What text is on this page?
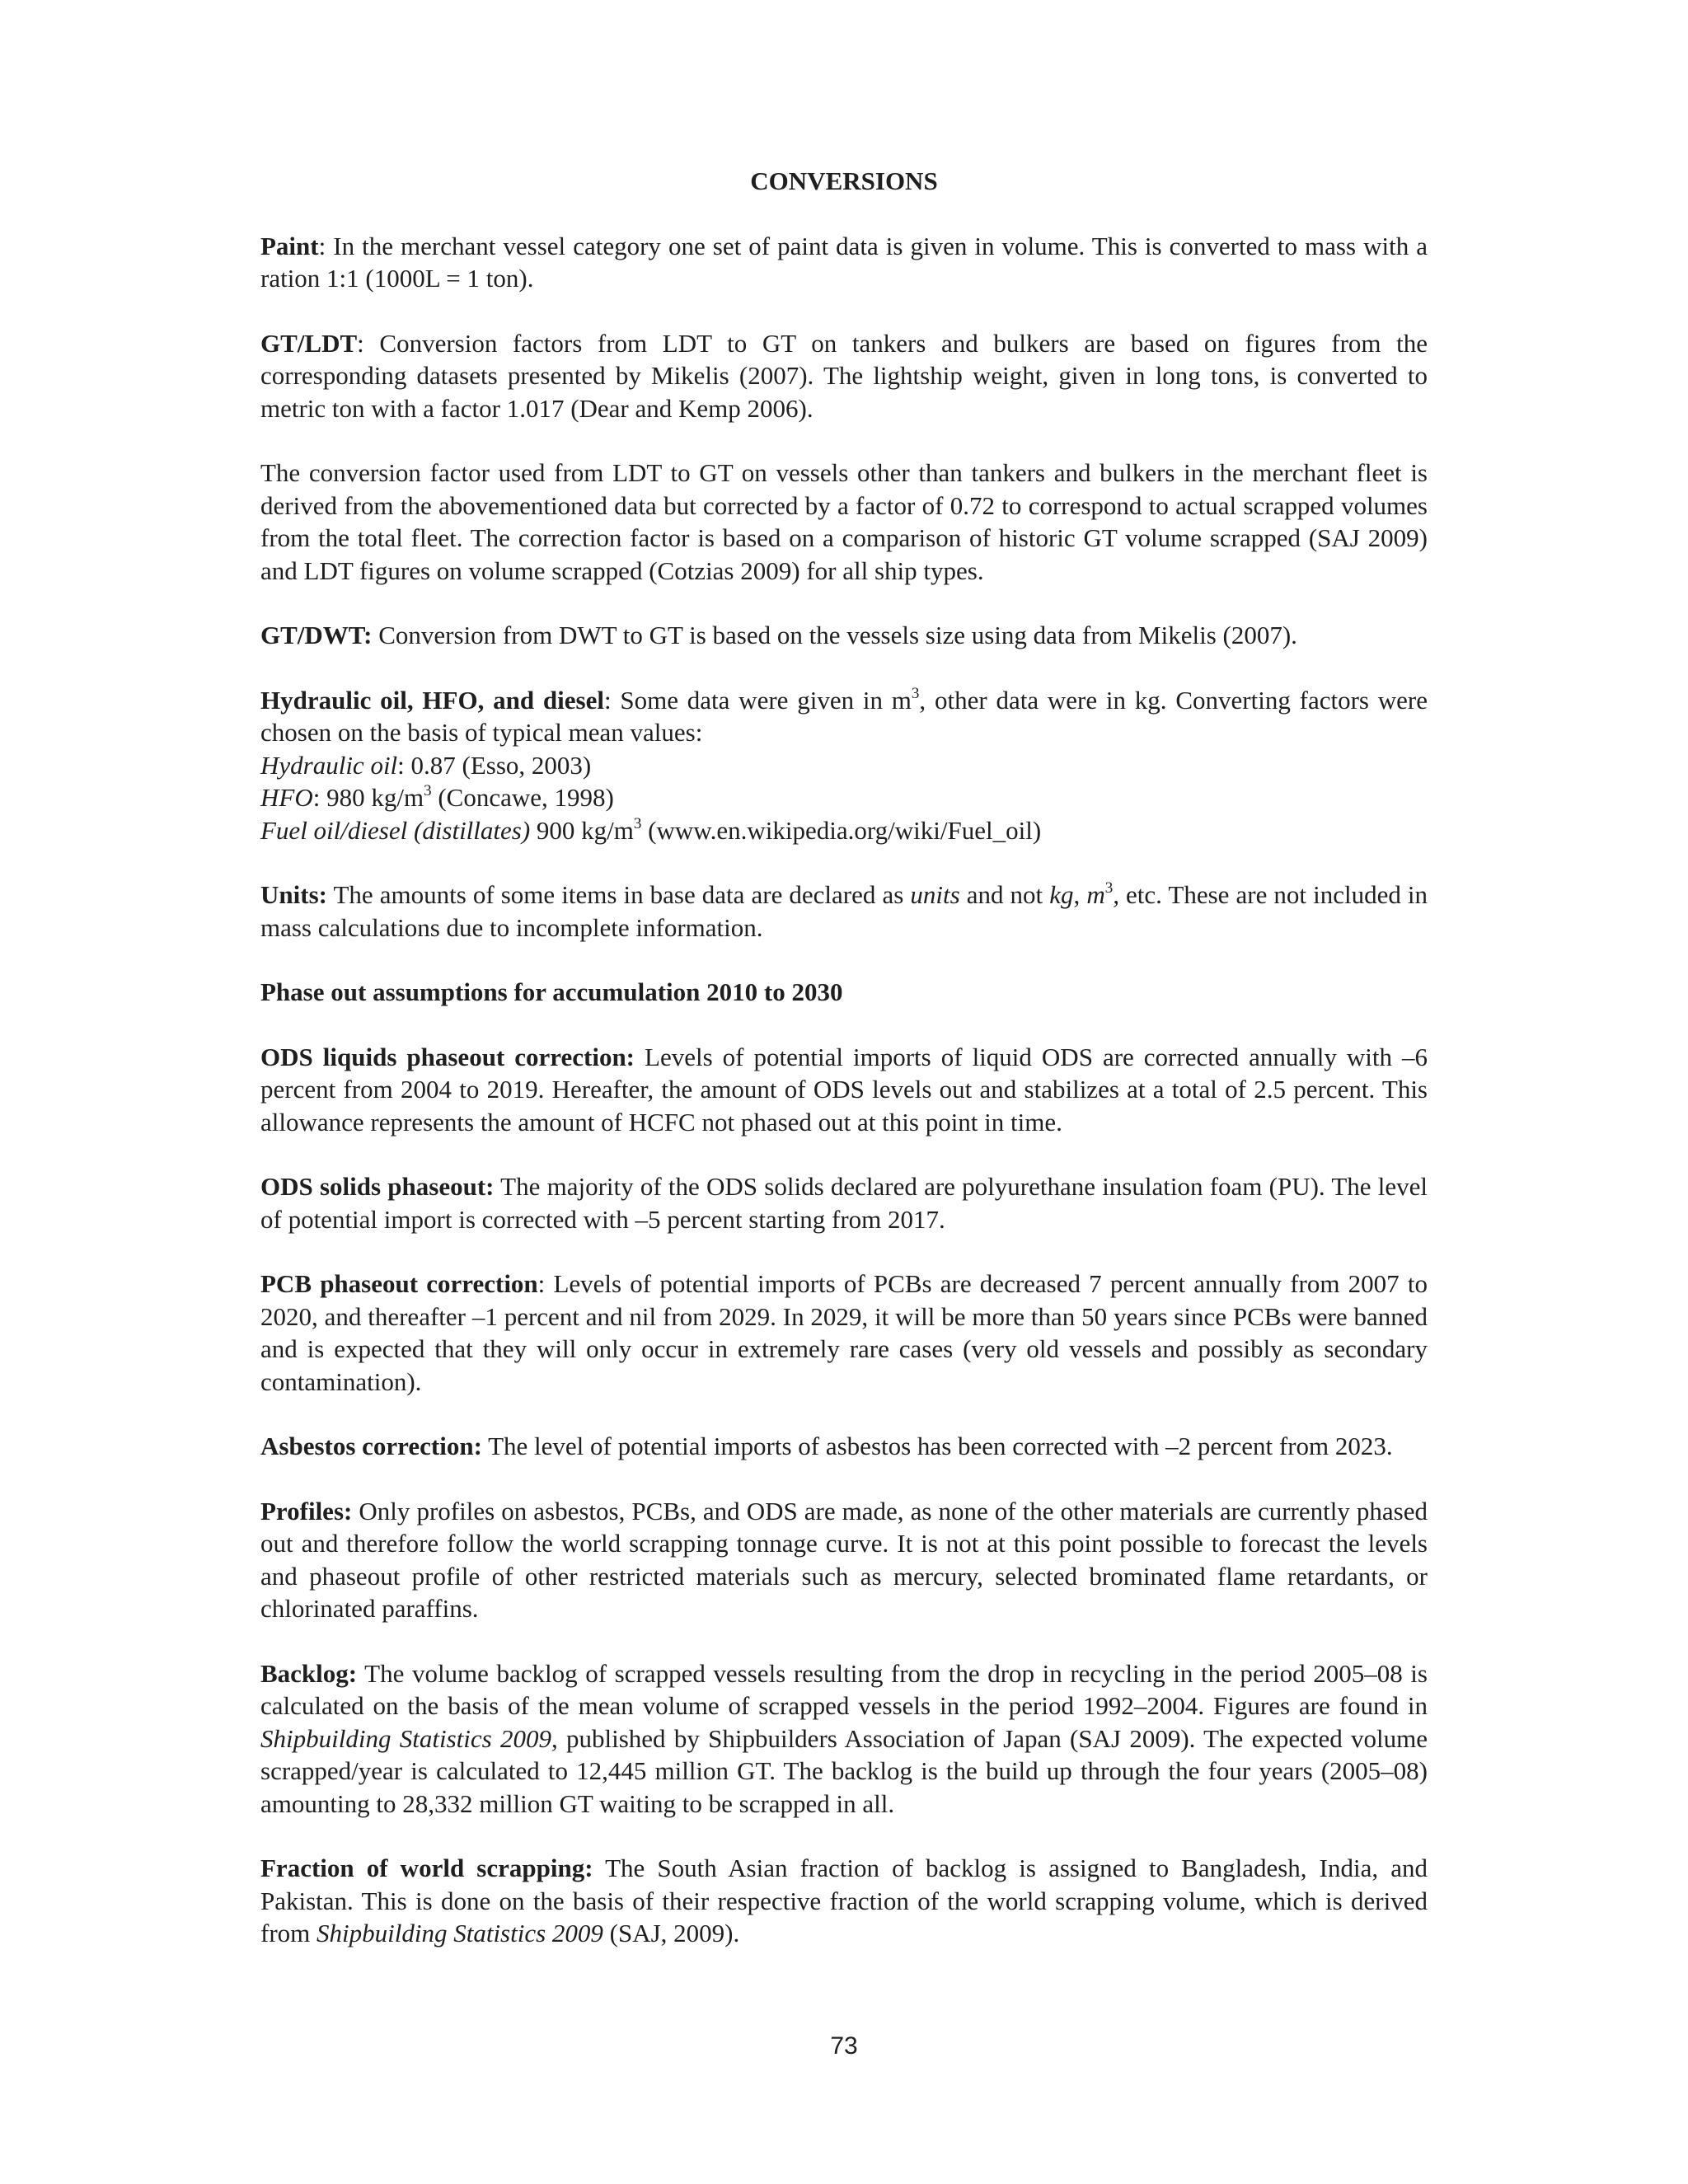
CONVERSIONS

Paint: In the merchant vessel category one set of paint data is given in volume. This is converted to mass with a ration 1:1 (1000L = 1 ton).

GT/LDT: Conversion factors from LDT to GT on tankers and bulkers are based on figures from the corresponding datasets presented by Mikelis (2007). The lightship weight, given in long tons, is converted to metric ton with a factor 1.017 (Dear and Kemp 2006).

The conversion factor used from LDT to GT on vessels other than tankers and bulkers in the merchant fleet is derived from the abovementioned data but corrected by a factor of 0.72 to correspond to actual scrapped volumes from the total fleet. The correction factor is based on a comparison of historic GT volume scrapped (SAJ 2009) and LDT figures on volume scrapped (Cotzias 2009) for all ship types.

GT/DWT: Conversion from DWT to GT is based on the vessels size using data from Mikelis (2007).

Hydraulic oil, HFO, and diesel: Some data were given in $m^3$, other data were in kg. Converting factors were chosen on the basis of typical mean values:

Hydraulic oil: 0.87 (Esso, 2003)
HFO: 980 $kg/m^3$ (Concawe, 1998)

Fuel oil/diesel (distillates) 900 $kg/m^3$ (www.en.wikipedia.org/wiki/Fuel_oil)

Units: The amounts of some items in base data are declared as units and not kg, $m^3$, etc. These are not included in mass calculations due to incomplete information.

Phase out assumptions for accumulation 2010 to 2030

ODS liquids phaseout correction: Levels of potential imports of liquid ODS are corrected annually with –6 percent from 2004 to 2019. Hereafter, the amount of ODS levels out and stabilizes at a total of 2.5 percent. This allowance represents the amount of HCFC not phased out at this point in time.

ODS solids phaseout: The majority of the ODS solids declared are polyurethane insulation foam (PU). The level of potential import is corrected with –5 percent starting from 2017.

PCB phaseout correction: Levels of potential imports of PCBs are decreased 7 percent annually from 2007 to 2020, and thereafter –1 percent and nil from 2029. In 2029, it will be more than 50 years since PCBs were banned and is expected that they will only occur in extremely rare cases (very old vessels and possibly as secondary contamination).

Asbestos correction: The level of potential imports of asbestos has been corrected with –2 percent from 2023.

Profiles: Only profiles on asbestos, PCBs, and ODS are made, as none of the other materials are currently phased out and therefore follow the world scrapping tonnage curve. It is not at this point possible to forecast the levels and phaseout profile of other restricted materials such as mercury, selected brominated flame retardants, or chlorinated paraffins.

Backlog: The volume backlog of scrapped vessels resulting from the drop in recycling in the period 2005–08 is calculated on the basis of the mean volume of scrapped vessels in the period 1992–2004. Figures are found in Shipbuilding Statistics 2009, published by Shipbuilders Association of Japan (SAJ 2009). The expected volume scrapped/year is calculated to 12,445 million GT. The backlog is the build up through the four years (2005–08) amounting to 28,332 million GT waiting to be scrapped in all.

Fraction of world scrapping: The South Asian fraction of backlog is assigned to Bangladesh, India, and Pakistan. This is done on the basis of their respective fraction of the world scrapping volume, which is derived from Shipbuilding Statistics 2009 (SAJ, 2009).

73
